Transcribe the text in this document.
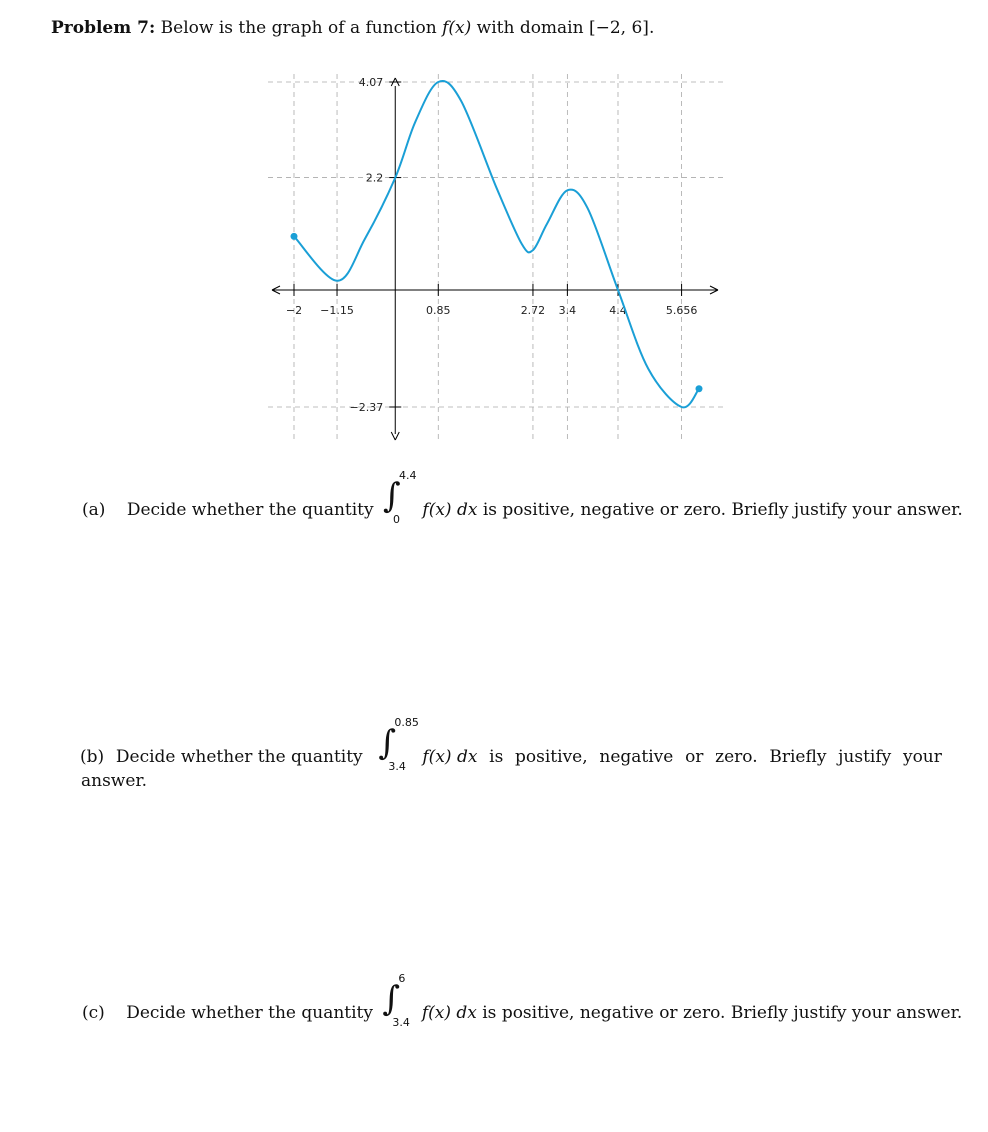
Problem 7: Below is the graph of a function f(x) with domain [−2, 6].
−2 −1.15	0.85	2.72 3.4	4.4	5.656
4.07
2.2
−2.37
(a) Decide whether the quantity ∫
4.4
0 f(x) dx is positive, negative or zero. Briefly justify your answer.
(b) Decide whether the quantity ∫
0.85
3.4 f(x) dx is positive, negative or zero. Briefly justify your
answer.
(c) Decide whether the quantity ∫
6
3.4 f(x) dx is positive, negative or zero. Briefly justify your answer.
